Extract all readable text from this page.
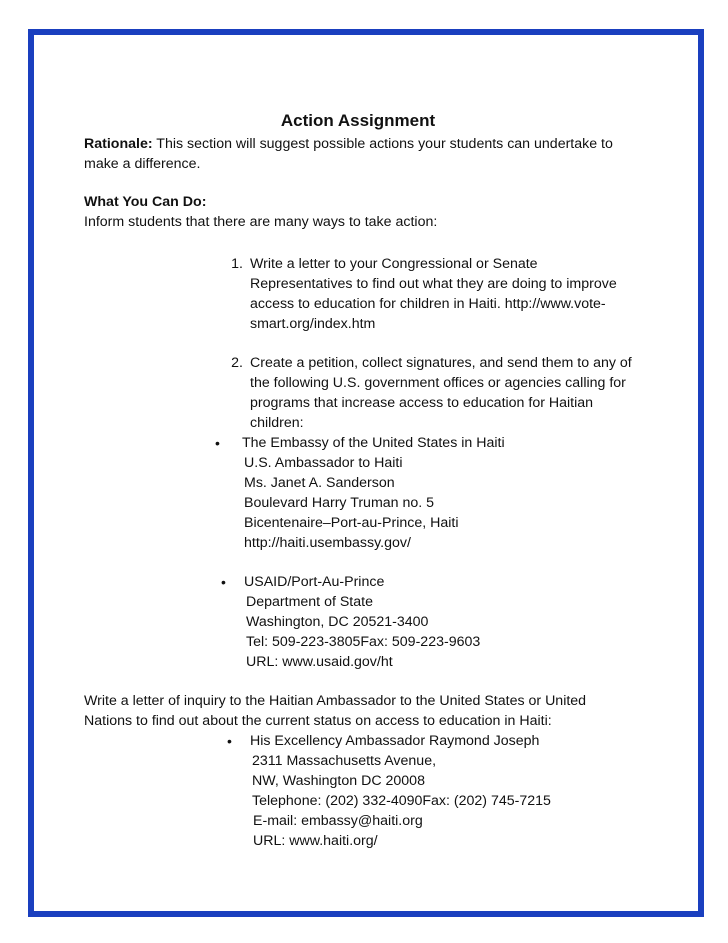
Action Assignment
Rationale: This section will suggest possible actions your students can undertake to
make a difference.
What You Can Do:
Inform students that there are many ways to take action:
1. Write a letter to your Congressional or Senate
Representatives to find out what they are doing to improve
access to education for children in Haiti. http://www.vote-
smart.org/index.htm
2. Create a petition, collect signatures, and send them to any of
the following U.S. government offices or agencies calling for
programs that increase access to education for Haitian
children:
• The Embassy of the United States in Haiti
U.S. Ambassador to Haiti
Ms. Janet A. Sanderson
Boulevard Harry Truman no. 5
Bicentenaire–Port-au-Prince, Haiti
http://haiti.usembassy.gov/
• USAID/Port-Au-Prince
Department of State
Washington, DC 20521-3400
Tel: 509-223-3805Fax: 509-223-9603
URL: www.usaid.gov/ht
Write a letter of inquiry to the Haitian Ambassador to the United States or United
Nations to find out about the current status on access to education in Haiti:
• His Excellency Ambassador Raymond Joseph
2311 Massachusetts Avenue,
NW, Washington DC 20008
Telephone: (202) 332-4090Fax: (202) 745-7215
E-mail: embassy@haiti.org
URL: www.haiti.org/
